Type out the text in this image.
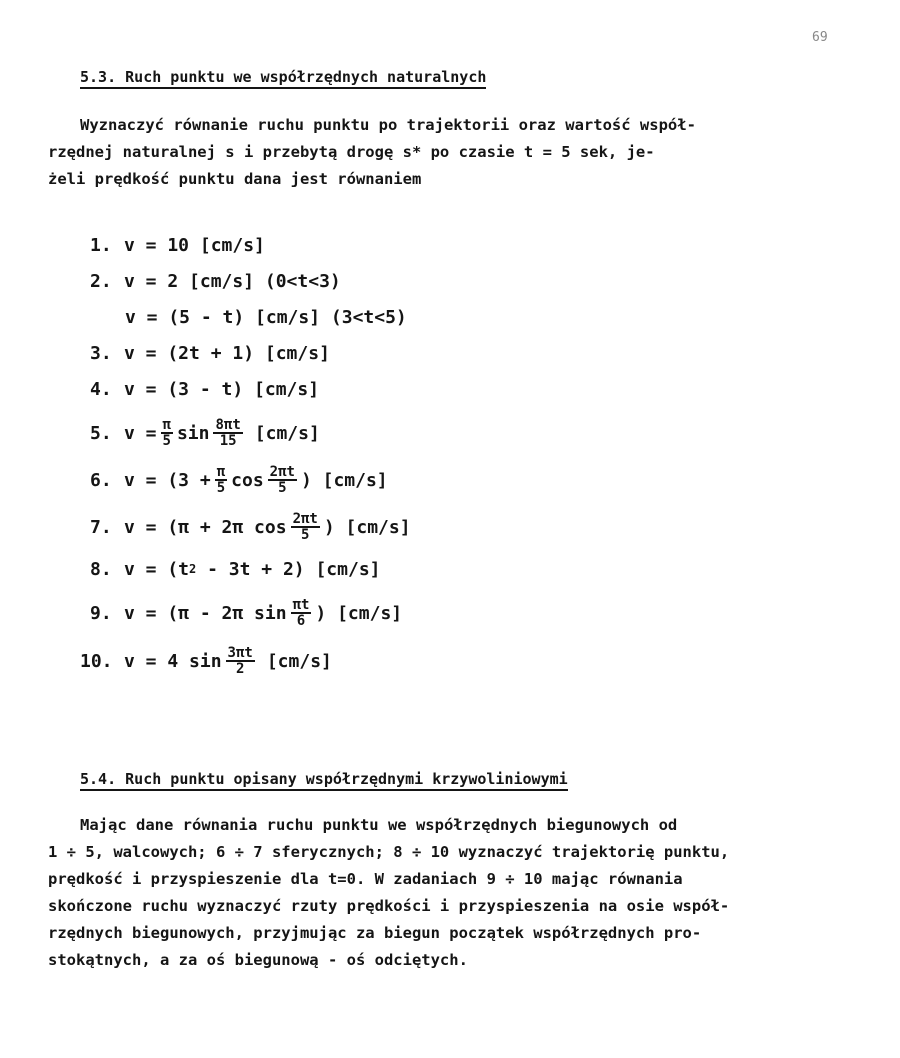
69
5.3. Ruch punktu we współrzędnych naturalnych
Wyznaczyć równanie ruchu punktu po trajektorii oraz wartość współ-
rzędnej naturalnej s i przebytą drogę s* po czasie t = 5 sek, je-
żeli prędkość punktu dana jest równaniem
1. v = 10 [cm/s]
2. v = 2 [cm/s] (0<t<3)
v = (5 - t) [cm/s] (3<t<5)
3. v = (2t + 1) [cm/s]
4. v = (3 - t) [cm/s]
5. $v = \frac{\pi}{5}$ $\sin \frac{8\pi t}{15} [cm/s]$
6. $v = (3 + \frac{\pi}{5}$ $\cos \frac{2\pi t}{5}$ ) [cm/s]
7. v = (π + 2π $\cos \frac{2\pi t}{5}$ ) [cm/s]
8. v = (t 2 - 3t + 2) [cm/s]
9. v = (π - 2π $\sin \frac{\pi t}{6}$ ) [cm/s]
10. v = 4 $\sin \frac{3\pi t}{2} [cm/s]$
5.4. Ruch punktu opisany współrzędnymi krzywoliniowymi
Mając dane równania ruchu punktu we współrzędnych biegunowych od
1 ÷ 5, walcowych; 6 ÷ 7 sferycznych; 8 ÷ 10 wyznaczyć trajektorię punktu,
prędkość i przyspieszenie dla t=0. W zadaniach 9 ÷ 10 mając równania
skończone ruchu wyznaczyć rzuty prędkości i przyspieszenia na osie współ-
rzędnych biegunowych, przyjmując za biegun początek współrzędnych pro-
stokątnych, a za oś biegunową - oś odciętych.
